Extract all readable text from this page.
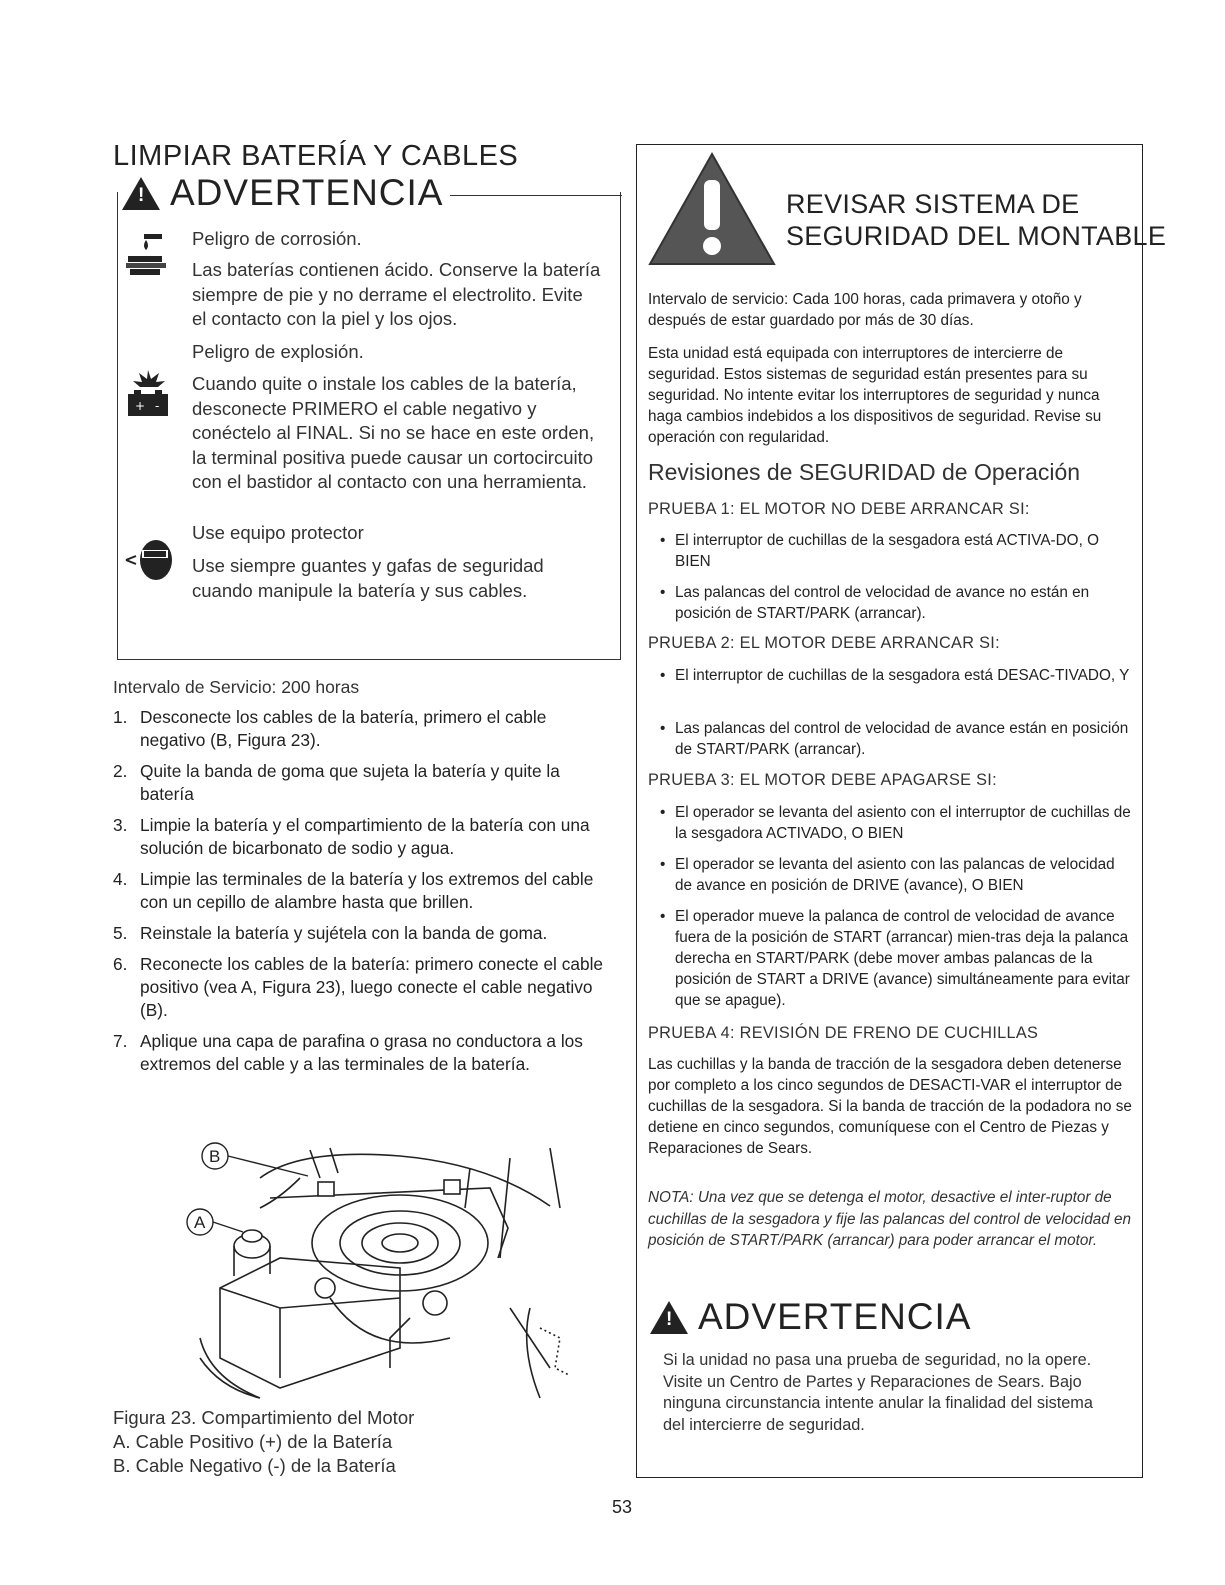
LIMPIAR BATERÍA Y CABLES
! ADVERTENCIA
Peligro de corrosión.
Las baterías contienen ácido. Conserve la batería siempre de pie y no derrame el electrolito. Evite el contacto con la piel y los ojos.
+ -
Peligro de explosión.
Cuando quite o instale los cables de la batería, desconecte PRIMERO el cable negativo y conéctelo al FINAL. Si no se hace en este orden, la terminal positiva puede causar un cortocircuito con el bastidor al contacto con una herramienta.
Use equipo protector
Use siempre guantes y gafas de seguridad cuando manipule la batería y sus cables.
Intervalo de Servicio: 200 horas
1. Desconecte los cables de la batería, primero el cable negativo (B, Figura 23).
2. Quite la banda de goma que sujeta la batería y quite la batería
3. Limpie la batería y el compartimiento de la batería con una solución de bicarbonato de sodio y agua.
4. Limpie las terminales de la batería y los extremos del cable con un cepillo de alambre hasta que brillen.
5. Reinstale la batería y sujétela con la banda de goma.
6. Reconecte los cables de la batería: primero conecte el cable positivo (vea A, Figura 23), luego conecte el cable negativo (B).
7. Aplique una capa de parafina o grasa no conductora a los extremos del cable y a las terminales de la batería.
B
A
Figura 23. Compartimiento del Motor
A. Cable Positivo (+) de la Batería
B. Cable Negativo (-) de la Batería
REVISAR SISTEMA DE
SEGURIDAD DEL MONTABLE
Intervalo de servicio: Cada 100 horas, cada primavera y otoño y después de estar guardado por más de 30 días.
Esta unidad está equipada con interruptores de intercierre de seguridad. Estos sistemas de seguridad están presentes para su seguridad. No intente evitar los interruptores de seguridad y nunca haga cambios indebidos a los dispositivos de seguridad. Revise su operación con regularidad.
Revisiones de SEGURIDAD de Operación
PRUEBA 1: EL MOTOR NO DEBE ARRANCAR SI:
• El interruptor de cuchillas de la sesgadora está ACTIVA-DO, O BIEN
• Las palancas del control de velocidad de avance no están en posición de START/PARK (arrancar).
PRUEBA 2: EL MOTOR DEBE ARRANCAR SI:
• El interruptor de cuchillas de la sesgadora está DESAC-TIVADO, Y
• Las palancas del control de velocidad de avance están en posición de START/PARK (arrancar).
PRUEBA 3: EL MOTOR DEBE APAGARSE SI:
• El operador se levanta del asiento con el interruptor de cuchillas de la sesgadora ACTIVADO, O BIEN
• El operador se levanta del asiento con las palancas de velocidad de avance en posición de DRIVE (avance), O BIEN
• El operador mueve la palanca de control de velocidad de avance fuera de la posición de START (arrancar) mien-tras deja la palanca derecha en START/PARK (debe mover ambas palancas de la posición de START a DRIVE (avance) simultáneamente para evitar que se apague).
PRUEBA 4: REVISIÓN DE FRENO DE CUCHILLAS
Las cuchillas y la banda de tracción de la sesgadora deben detenerse por completo a los cinco segundos de DESACTI-VAR el interruptor de cuchillas de la sesgadora. Si la banda de tracción de la podadora no se detiene en cinco segundos, comuníquese con el Centro de Piezas y Reparaciones de Sears.
NOTA: Una vez que se detenga el motor, desactive el inter-ruptor de cuchillas de la sesgadora y fije las palancas del control de velocidad en posición de START/PARK (arrancar) para poder arrancar el motor.
! ADVERTENCIA
Si la unidad no pasa una prueba de seguridad, no la opere. Visite un Centro de Partes y Reparaciones de Sears. Bajo ninguna circunstancia intente anular la finalidad del sistema del intercierre de seguridad.
53
